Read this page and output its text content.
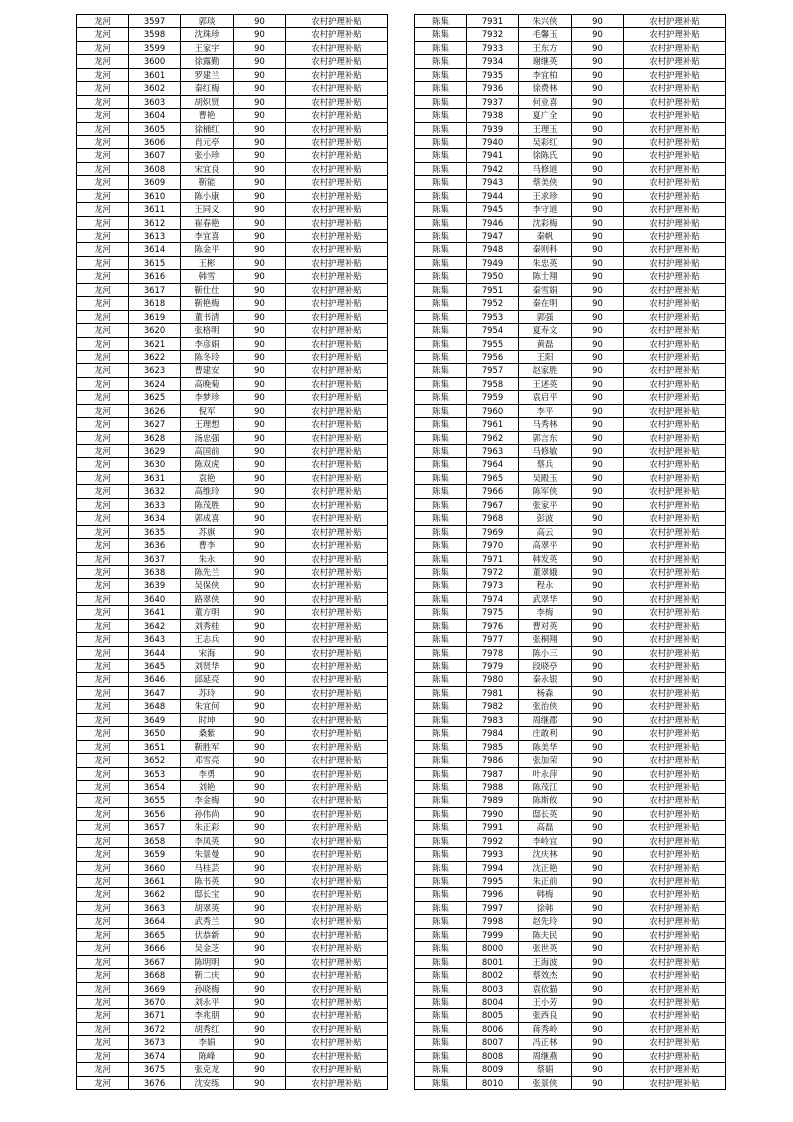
龙河	3597	郭琰	90	农村护理补贴
龙河	3598	沈珠珍	90	农村护理补贴
龙河	3599	王家宇	90	农村护理补贴
龙河	3600	徐露勤	90	农村护理补贴
龙河	3601	罗建兰	90	农村护理补贴
龙河	3602	秦红梅	90	农村护理补贴
龙河	3603	胡炽贤	90	农村护理补贴
龙河	3604	曹艳	90	农村护理补贴
龙河	3605	徐桶红	90	农村护理补贴
龙河	3606	肖元亭	90	农村护理补贴
龙河	3607	张小珍	90	农村护理补贴
龙河	3608	宋宜良	90	农村护理补贴
龙河	3609	靳能	90	农村护理补贴
龙河	3610	陈小康	90	农村护理补贴
龙河	3611	王同义	90	农村护理补贴
龙河	3612	崔春艳	90	农村护理补贴
龙河	3613	李宜喜	90	农村护理补贴
龙河	3614	陈金平	90	农村护理补贴
龙河	3615	王彬	90	农村护理补贴
龙河	3616	韩雪	90	农村护理补贴
龙河	3617	靳仕仕	90	农村护理补贴
龙河	3618	靳艳梅	90	农村护理补贴
龙河	3619	董书清	90	农村护理补贴
龙河	3620	张格明	90	农村护理补贴
龙河	3621	李彦娟	90	农村护理补贴
龙河	3622	陈冬玲	90	农村护理补贴
龙河	3623	曹建安	90	农村护理补贴
龙河	3624	高晚菊	90	农村护理补贴
龙河	3625	李梦珍	90	农村护理补贴
龙河	3626	倪军	90	农村护理补贴
龙河	3627	王理想	90	农村护理补贴
龙河	3628	汤忠强	90	农村护理补贴
龙河	3629	高国前	90	农村护理补贴
龙河	3630	陈双虎	90	农村护理补贴
龙河	3631	袁艳	90	农村护理补贴
龙河	3632	高维玲	90	农村护理补贴
龙河	3633	陈茂胜	90	农村护理补贴
龙河	3634	郭成喜	90	农村护理补贴
龙河	3635	苏旗	90	农村护理补贴
龙河	3636	曹李	90	农村护理补贴
龙河	3637	朱永	90	农村护理补贴
龙河	3638	陈先兰	90	农村护理补贴
龙河	3639	吴保侠	90	农村护理补贴
龙河	3640	路翠侠	90	农村护理补贴
龙河	3641	董方明	90	农村护理补贴
龙河	3642	刘秀桂	90	农村护理补贴
龙河	3643	王志兵	90	农村护理补贴
龙河	3644	宋海	90	农村护理补贴
龙河	3645	刘贤华	90	农村护理补贴
龙河	3646	邱延亮	90	农村护理补贴
龙河	3647	苏玲	90	农村护理补贴
龙河	3648	朱宜何	90	农村护理补贴
龙河	3649	时坤	90	农村护理补贴
龙河	3650	桑紫	90	农村护理补贴
龙河	3651	靳胜军	90	农村护理补贴
龙河	3652	邓雪亮	90	农村护理补贴
龙河	3653	李勇	90	农村护理补贴
龙河	3654	刘艳	90	农村护理补贴
龙河	3655	李金梅	90	农村护理补贴
龙河	3656	孙伟尚	90	农村护理补贴
龙河	3657	朱正彩	90	农村护理补贴
龙河	3658	李凤英	90	农村护理补贴
龙河	3659	朱景曼	90	农村护理补贴
龙河	3660	马桂芸	90	农村护理补贴
龙河	3661	陈书英	90	农村护理补贴
龙河	3662	邸长宝	90	农村护理补贴
龙河	3663	胡翠英	90	农村护理补贴
龙河	3664	武秀兰	90	农村护理补贴
龙河	3665	伏恭新	90	农村护理补贴
龙河	3666	吴金芝	90	农村护理补贴
龙河	3667	陈明明	90	农村护理补贴
龙河	3668	靳二庆	90	农村护理补贴
龙河	3669	孙晓梅	90	农村护理补贴
龙河	3670	刘永平	90	农村护理补贴
龙河	3671	李兆朋	90	农村护理补贴
龙河	3672	胡秀红	90	农村护理补贴
龙河	3673	李娟	90	农村护理补贴
龙河	3674	陈峰	90	农村护理补贴
龙河	3675	张克龙	90	农村护理补贴
龙河	3676	沈安练	90	农村护理补贴
陈集	7931	朱兴侠	90	农村护理补贴
陈集	7932	毛馨玉	90	农村护理补贴
陈集	7933	王东方	90	农村护理补贴
陈集	7934	谢继英	90	农村护理补贴
陈集	7935	李宜柏	90	农村护理补贴
陈集	7936	徐费林	90	农村护理补贴
陈集	7937	何业喜	90	农村护理补贴
陈集	7938	夏广全	90	农村护理补贴
陈集	7939	王理玉	90	农村护理补贴
陈集	7940	吴彩红	90	农村护理补贴
陈集	7941	徐陈氏	90	农村护理补贴
陈集	7942	马修道	90	农村护理补贴
陈集	7943	蔡美侠	90	农村护理补贴
陈集	7944	王求珍	90	农村护理补贴
陈集	7945	李守道	90	农村护理补贴
陈集	7946	沈彩梅	90	农村护理补贴
陈集	7947	秦帆	90	农村护理补贴
陈集	7948	秦则科	90	农村护理补贴
陈集	7949	朱忠英	90	农村护理补贴
陈集	7950	陈士翔	90	农村护理补贴
陈集	7951	秦雪娟	90	农村护理补贴
陈集	7952	秦在明	90	农村护理补贴
陈集	7953	郭强	90	农村护理补贴
陈集	7954	夏寿文	90	农村护理补贴
陈集	7955	黄磊	90	农村护理补贴
陈集	7956	王阳	90	农村护理补贴
陈集	7957	赵家胜	90	农村护理补贴
陈集	7958	王述英	90	农村护理补贴
陈集	7959	袁启平	90	农村护理补贴
陈集	7960	李平	90	农村护理补贴
陈集	7961	马秀林	90	农村护理补贴
陈集	7962	郭言东	90	农村护理补贴
陈集	7963	马修敏	90	农村护理补贴
陈集	7964	蔡兵	90	农村护理补贴
陈集	7965	吴殿玉	90	农村护理补贴
陈集	7966	陈军侠	90	农村护理补贴
陈集	7967	张家平	90	农村护理补贴
陈集	7968	彭波	90	农村护理补贴
陈集	7969	高云	90	农村护理补贴
陈集	7970	高翠平	90	农村护理补贴
陈集	7971	韩发英	90	农村护理补贴
陈集	7972	董翠娥	90	农村护理补贴
陈集	7973	程永	90	农村护理补贴
陈集	7974	武翠华	90	农村护理补贴
陈集	7975	李梅	90	农村护理补贴
陈集	7976	曹对英	90	农村护理补贴
陈集	7977	张桐翔	90	农村护理补贴
陈集	7978	陈小三	90	农村护理补贴
陈集	7979	段晓亭	90	农村护理补贴
陈集	7980	秦永银	90	农村护理补贴
陈集	7981	杨森	90	农村护理补贴
陈集	7982	张治侠	90	农村护理补贴
陈集	7983	周继郡	90	农村护理补贴
陈集	7984	庄敢利	90	农村护理补贴
陈集	7985	陈美华	90	农村护理补贴
陈集	7986	张加荣	90	农村护理补贴
陈集	7987	叶永萍	90	农村护理补贴
陈集	7988	陈茂江	90	农村护理补贴
陈集	7989	陈斯攸	90	农村护理补贴
陈集	7990	邸长英	90	农村护理补贴
陈集	7991	高磊	90	农村护理补贴
陈集	7992	李岭宜	90	农村护理补贴
陈集	7993	沈庆林	90	农村护理补贴
陈集	7994	沈正艳	90	农村护理补贴
陈集	7995	朱正前	90	农村护理补贴
陈集	7996	韩梅	90	农村护理补贴
陈集	7997	徐韩	90	农村护理补贴
陈集	7998	赵先玲	90	农村护理补贴
陈集	7999	陈夫民	90	农村护理补贴
陈集	8000	张世英	90	农村护理补贴
陈集	8001	王海波	90	农村护理补贴
陈集	8002	蔡效杰	90	农村护理补贴
陈集	8003	袁依猫	90	农村护理补贴
陈集	8004	王小芳	90	农村护理补贴
陈集	8005	张西良	90	农村护理补贴
陈集	8006	蒋秀岭	90	农村护理补贴
陈集	8007	冯正林	90	农村护理补贴
陈集	8008	周继燕	90	农村护理补贴
陈集	8009	蔡娟	90	农村护理补贴
陈集	8010	张景侠	90	农村护理补贴
